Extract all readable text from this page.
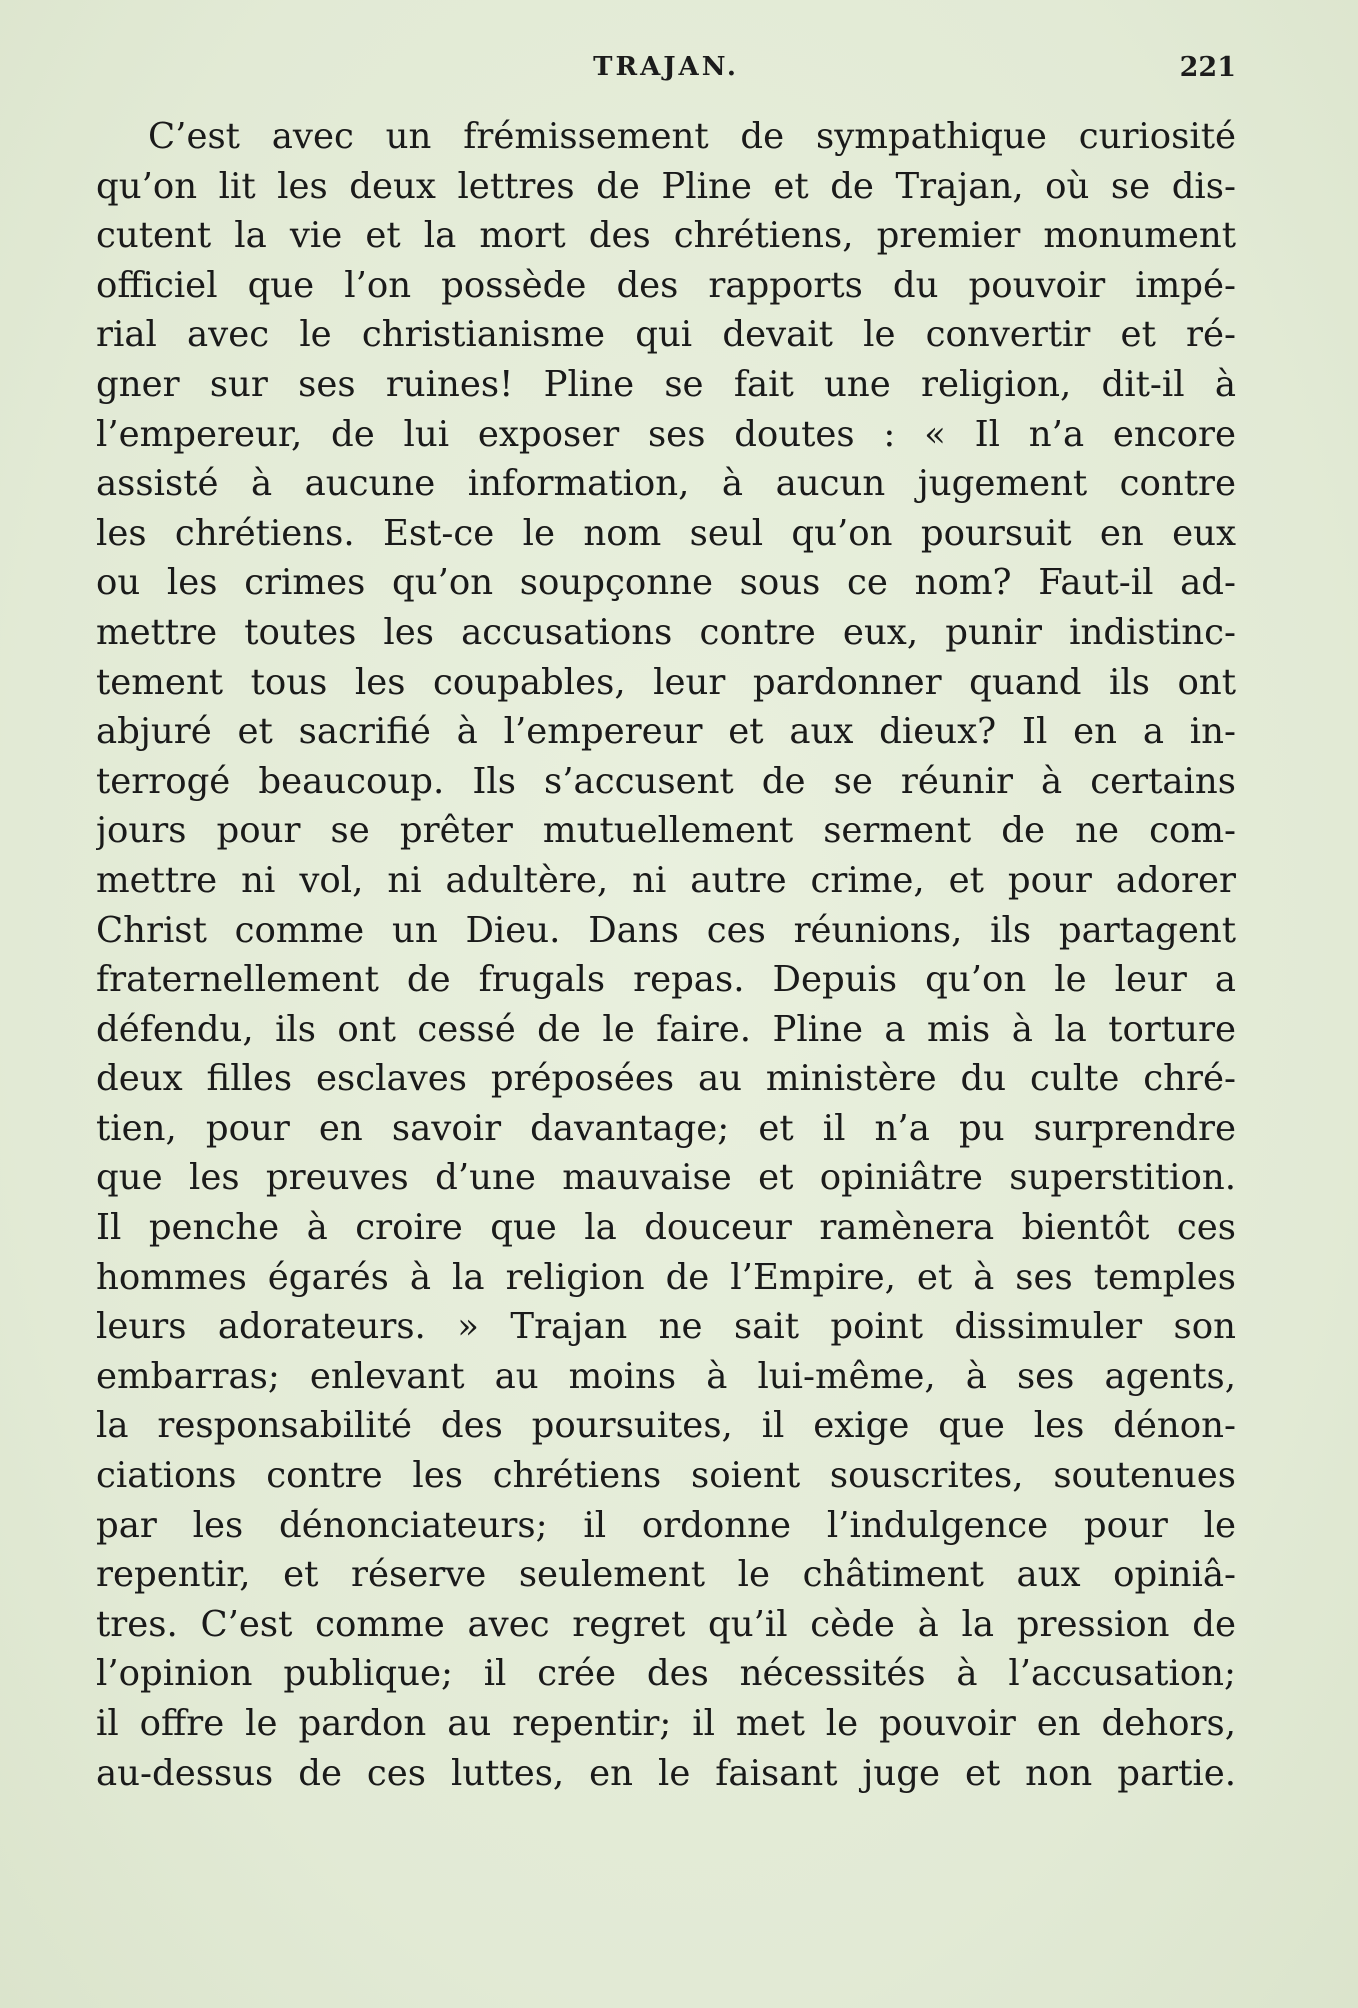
TRAJAN.	221
C’est avec un frémissement de sympathique curiosité
qu’on lit les deux lettres de Pline et de Trajan, où se dis-
cutent la vie et la mort des chrétiens, premier monument
officiel que l’on possède des rapports du pouvoir impé-
rial avec le christianisme qui devait le convertir et ré-
gner sur ses ruines! Pline se fait une religion, dit-il à
l’empereur, de lui exposer ses doutes : « Il n’a encore
assisté à aucune information, à aucun jugement contre
les chrétiens. Est-ce le nom seul qu’on poursuit en eux
ou les crimes qu’on soupçonne sous ce nom? Faut-il ad-
mettre toutes les accusations contre eux, punir indistinc-
tement tous les coupables, leur pardonner quand ils ont
abjuré et sacrifié à l’empereur et aux dieux? Il en a in-
terrogé beaucoup. Ils s’accusent de se réunir à certains
jours pour se prêter mutuellement serment de ne com-
mettre ni vol, ni adultère, ni autre crime, et pour adorer
Christ comme un Dieu. Dans ces réunions, ils partagent
fraternellement de frugals repas. Depuis qu’on le leur a
défendu, ils ont cessé de le faire. Pline a mis à la torture
deux filles esclaves préposées au ministère du culte chré-
tien, pour en savoir davantage; et il n’a pu surprendre
que les preuves d’une mauvaise et opiniâtre superstition.
Il penche à croire que la douceur ramènera bientôt ces
hommes égarés à la religion de l’Empire, et à ses temples
leurs adorateurs. » Trajan ne sait point dissimuler son
embarras; enlevant au moins à lui-même, à ses agents,
la responsabilité des poursuites, il exige que les dénon-
ciations contre les chrétiens soient souscrites, soutenues
par les dénonciateurs; il ordonne l’indulgence pour le
repentir, et réserve seulement le châtiment aux opiniâ-
tres. C’est comme avec regret qu’il cède à la pression de
l’opinion publique; il crée des nécessités à l’accusation;
il offre le pardon au repentir; il met le pouvoir en dehors,
au-dessus de ces luttes, en le faisant juge et non partie.
